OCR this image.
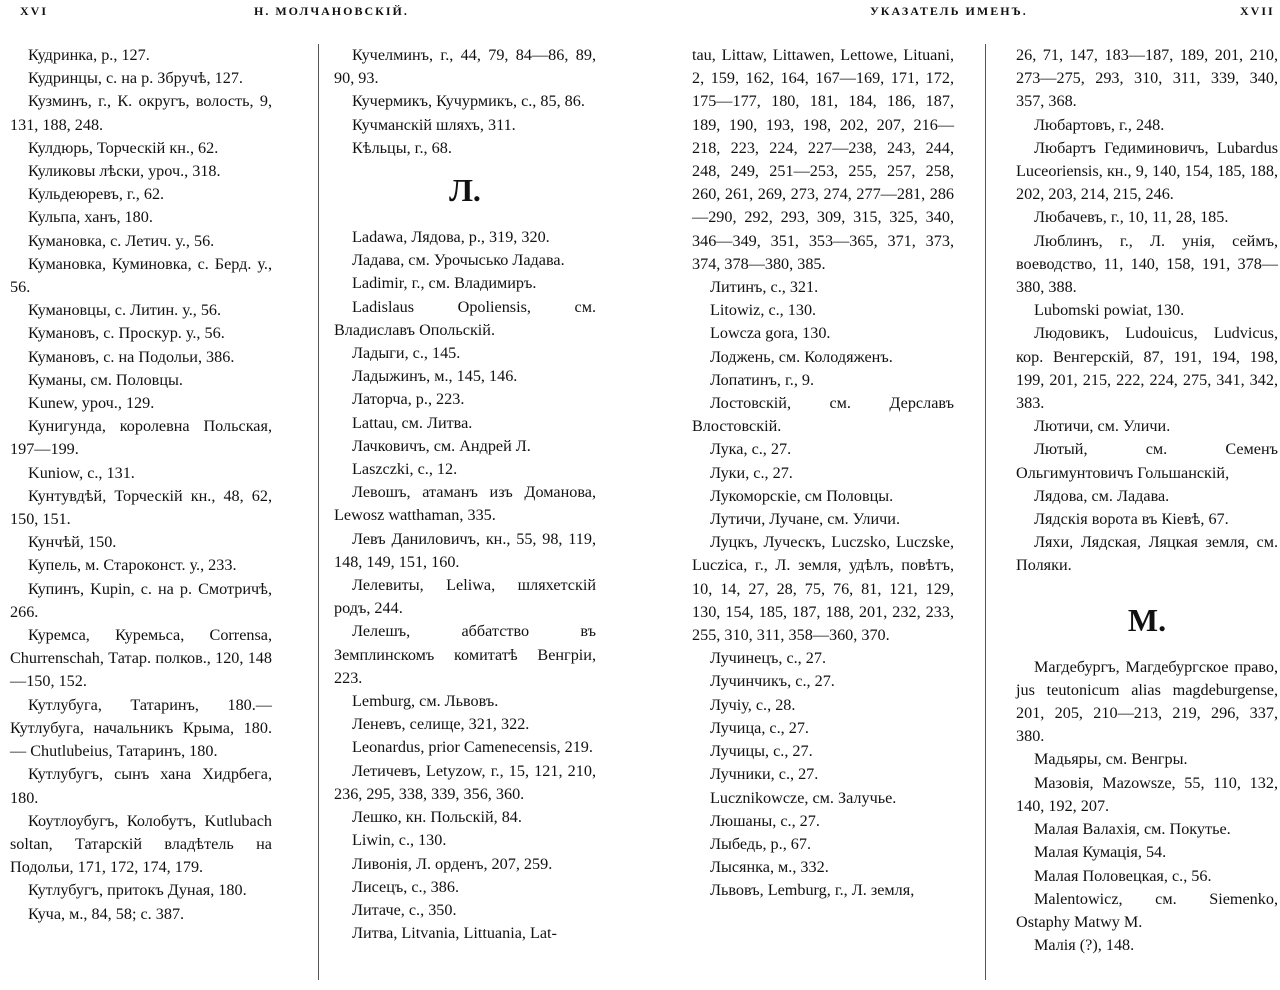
XVI	Н. МОЛЧАНОВСКІЙ.	УКАЗАТЕЛЬ ИМЕНЪ.	XVII

Кудринка, р., 127.

Кудринцы, с. на р. Збручѣ, 127.

Кузминъ, г., К. округъ, волость, 9, 131, 188, 248.

Кулдюрь, Торческій кн., 62.

Куликовы лѣски, уроч., 318.

Кульдеюревъ, г., 62.

Кульпа, ханъ, 180.

Кумановка, с. Летич. у., 56.

Кумановка, Куминовка, с. Берд. у., 56.

Кумановцы, с. Литин. у., 56.

Кумановъ, с. Проскур. у., 56.

Кумановъ, с. на Подольи, 386.

Куманы, см. Половцы.

Kunew, уроч., 129.

Кунигунда, королевна Польская, 197—199.

Kuniow, с., 131.

Кунтувдѣй, Торческій кн., 48, 62, 150, 151.

Кунчѣй, 150.

Купель, м. Староконст. у., 233.

Купинъ, Kupin, с. на р. Смотричѣ, 266.

Куремса, Куремьса, Corrensa, Churrenschah, Татар. полков., 120, 148—150, 152.

Кутлубуга, Татаринъ, 180.— Кутлубуга, начальникъ Крыма, 180. — Chutlubeius, Татаринъ, 180.

Кутлубугъ, сынъ хана Хидрбега, 180.

Коутлоубугъ, Колобутъ, Kutlubach soltan, Татарскій владѣтель на Подольи, 171, 172, 174, 179.

Кутлубугъ, притокъ Дуная, 180.

Куча, м., 84, 58; с. 387.

Кучелминъ, г., 44, 79, 84—86, 89, 90, 93.

Кучермикъ, Кучурмикъ, с., 85, 86.

Кучманскій шляхъ, 311.

Кѣльцы, г., 68.

Л.

Ladawa, Лядова, р., 319, 320.

Ладава, см. Урочысько Ладава.

Ladimir, г., см. Владимиръ.

Ladislaus Opoliensis, см. Владиславъ Опольскій.

Ладыги, с., 145.

Ладыжинъ, м., 145, 146.

Латорча, р., 223.

Lattau, см. Литва.

Лачковичъ, см. Андрей Л.

Laszczki, с., 12.

Левошъ, атаманъ изъ Доманова, Lewosz watthaman, 335.

Левъ Даниловичъ, кн., 55, 98, 119, 148, 149, 151, 160.

Лелевиты, Leliwa, шляхетскій родъ, 244.

Лелешъ, аббатство въ Земплинскомъ комитатѣ Венгріи, 223.

Lemburg, см. Львовъ.

Леневъ, селище, 321, 322.

Leonardus, prior Camenecensis, 219.

Летичевъ, Letyzow, г., 15, 121, 210, 236, 295, 338, 339, 356, 360.

Лешко, кн. Польскій, 84.

Liwin, с., 130.

Ливонія, Л. орденъ, 207, 259.

Лисецъ, с., 386.

Литаче, с., 350.

Литва, Litvania, Littuania, Lat-

tau, Littaw, Littawen, Lettowe, Lituani, 2, 159, 162, 164, 167—169, 171, 172, 175—177, 180, 181, 184, 186, 187, 189, 190, 193, 198, 202, 207, 216—218, 223, 224, 227—238, 243, 244, 248, 249, 251—253, 255, 257, 258, 260, 261, 269, 273, 274, 277—281, 286—290, 292, 293, 309, 315, 325, 340, 346—349, 351, 353—365, 371, 373, 374, 378—380, 385.

Литинъ, с., 321.

Litowiz, с., 130.

Lowcza gora, 130.

Лоджень, см. Колодяженъ.

Лопатинъ, г., 9.

Лостовскій, см. Дерславъ Влостовскій.

Лука, с., 27.

Луки, с., 27.

Лукоморскіе, см Половцы.

Лутичи, Лучане, см. Уличи.

Луцкъ, Луческъ, Luczsko, Luczske, Luczica, г., Л. земля, удѣлъ, повѣтъ, 10, 14, 27, 28, 75, 76, 81, 121, 129, 130, 154, 185, 187, 188, 201, 232, 233, 255, 310, 311, 358—360, 370.

Лучинецъ, с., 27.

Лучинчикъ, с., 27.

Лучiу, с., 28.

Лучица, с., 27.

Лучицы, с., 27.

Лучники, с., 27.

Lucznikowcze, см. Залучье.

Люшаны, с., 27.

Лыбедь, р., 67.

Лысянка, м., 332.

Львовъ, Lemburg, г., Л. земля,

26, 71, 147, 183—187, 189, 201, 210, 273—275, 293, 310, 311, 339, 340, 357, 368.

Любартовъ, г., 248.

Любартъ Гедиминовичъ, Lubardus Luceoriensis, кн., 9, 140, 154, 185, 188, 202, 203, 214, 215, 246.

Любачевъ, г., 10, 11, 28, 185.

Люблинъ, г., Л. унія, сеймъ, воеводство, 11, 140, 158, 191, 378—380, 388.

Lubomski powiat, 130.

Людовикъ, Ludouicus, Ludvicus, кор. Венгерскій, 87, 191, 194, 198, 199, 201, 215, 222, 224, 275, 341, 342, 383.

Лютичи, см. Уличи.

Лютый, см. Семенъ Ольгимунтовичъ Гольшанскій,

Лядова, см. Ладава.

Лядскія ворота въ Кіевѣ, 67.

Ляхи, Лядская, Ляцкая земля, см. Поляки.

М.

Магдебургъ, Магдебургское право, jus teutonicum alias magdeburgense, 201, 205, 210—213, 219, 296, 337, 380.

Мадьяры, см. Венгры.

Мазовія, Mazowsze, 55, 110, 132, 140, 192, 207.

Малая Валахія, см. Покутье.

Малая Кумація, 54.

Малая Половецкая, с., 56.

Malentowicz, см. Siemenko, Ostaphy Matwy M.

Малія (?), 148.
